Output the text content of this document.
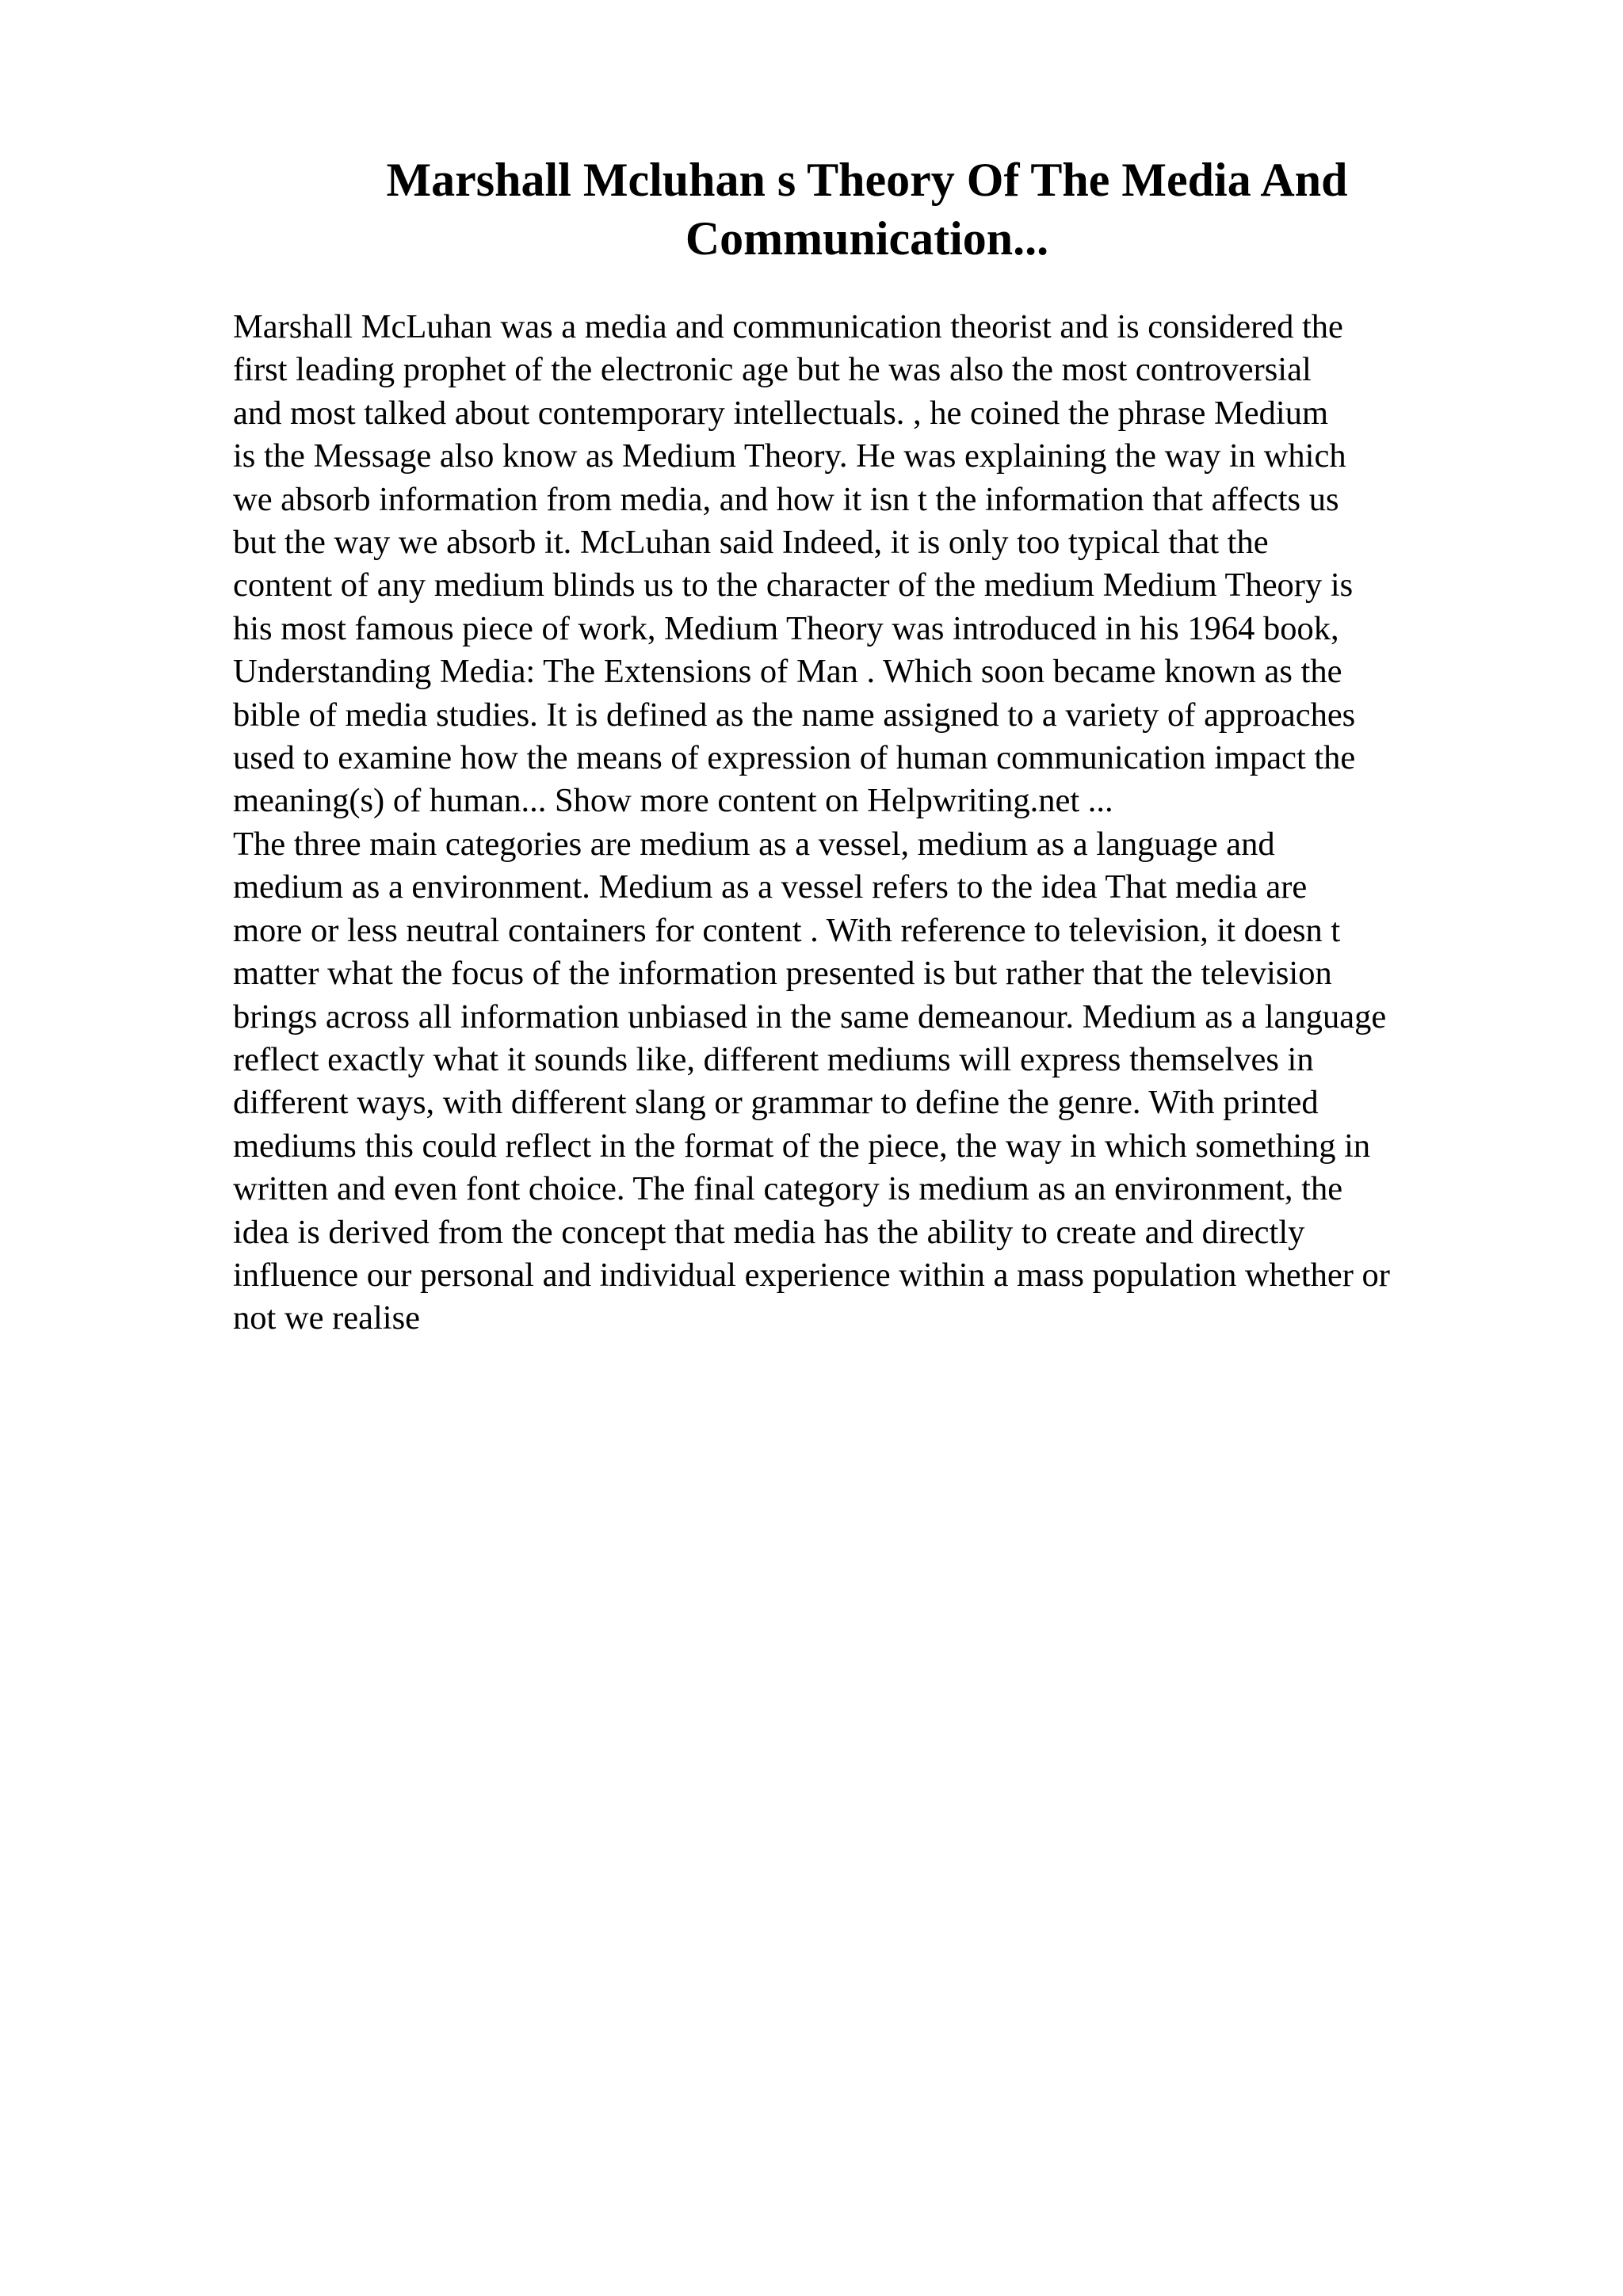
Marshall Mcluhan s Theory Of The Media And
Communication...
Marshall McLuhan was a media and communication theorist and is considered the
first leading prophet of the electronic age but he was also the most controversial
and most talked about contemporary intellectuals. , he coined the phrase Medium
is the Message also know as Medium Theory. He was explaining the way in which
we absorb information from media, and how it isn t the information that affects us
but the way we absorb it. McLuhan said Indeed, it is only too typical that the
content of any medium blinds us to the character of the medium Medium Theory is
his most famous piece of work, Medium Theory was introduced in his 1964 book,
Understanding Media: The Extensions of Man . Which soon became known as the
bible of media studies. It is defined as the name assigned to a variety of approaches
used to examine how the means of expression of human communication impact the
meaning(s) of human... Show more content on Helpwriting.net ...
The three main categories are medium as a vessel, medium as a language and
medium as a environment. Medium as a vessel refers to the idea That media are
more or less neutral containers for content . With reference to television, it doesn t
matter what the focus of the information presented is but rather that the television
brings across all information unbiased in the same demeanour. Medium as a language
reflect exactly what it sounds like, different mediums will express themselves in
different ways, with different slang or grammar to define the genre. With printed
mediums this could reflect in the format of the piece, the way in which something in
written and even font choice. The final category is medium as an environment, the
idea is derived from the concept that media has the ability to create and directly
influence our personal and individual experience within a mass population whether or
not we realise
